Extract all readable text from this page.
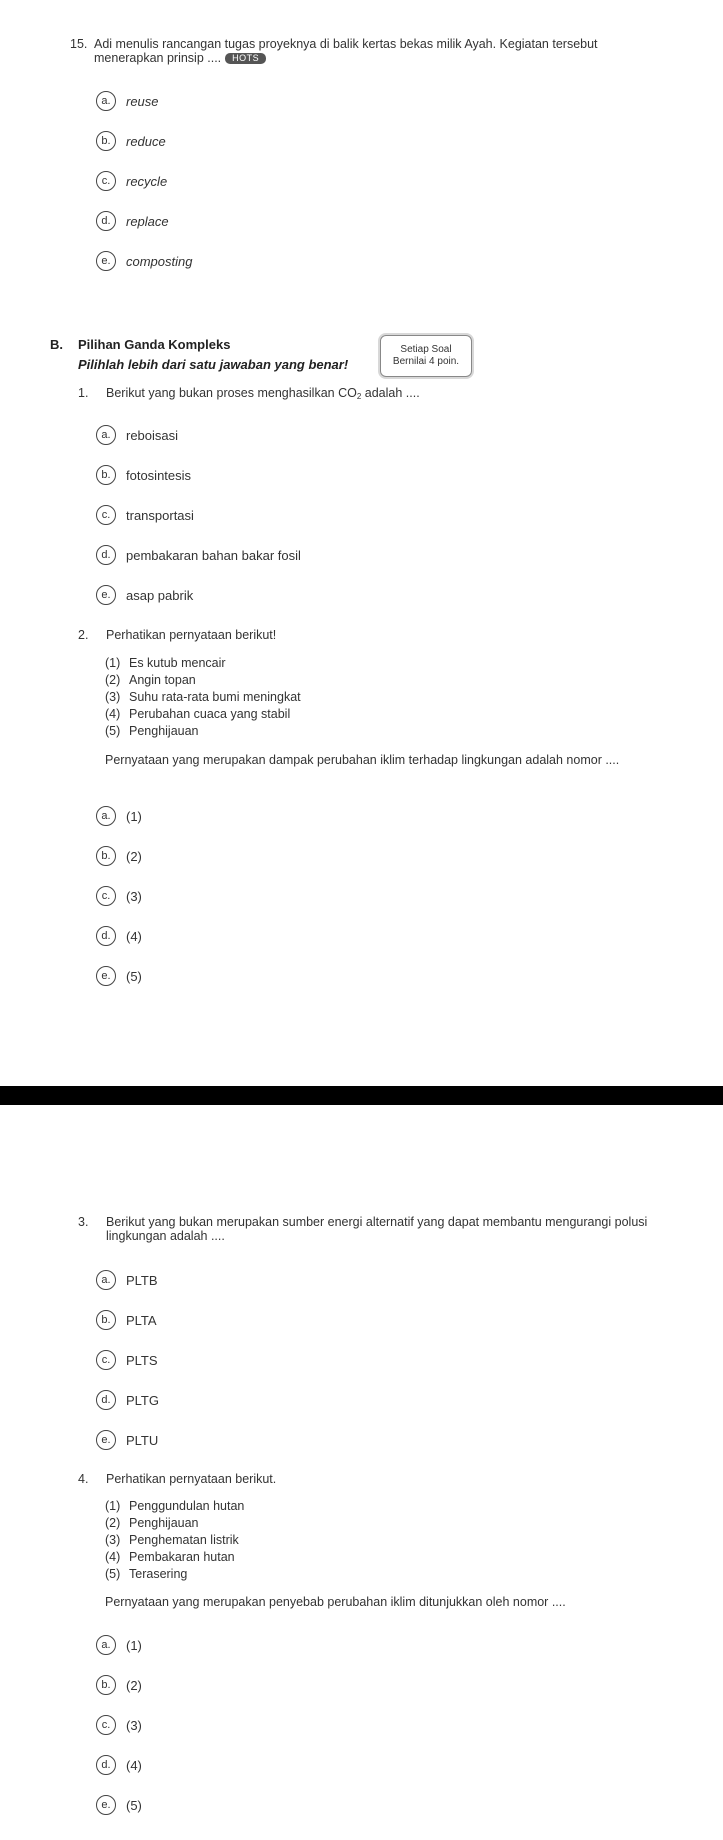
15. Adi menulis rancangan tugas proyeknya di balik kertas bekas milik Ayah. Kegiatan tersebut menerapkan prinsip .... HOTS
a.	reuse
b.	reduce
c.	recycle
d.	replace
e.	composting
B. Pilihan Ganda Kompleks
Pilihlah lebih dari satu jawaban yang benar!
Setiap Soal
Bernilai 4 poin.
1.	Berikut yang bukan proses menghasilkan $CO_2$ adalah ....
a.	reboisasi
b.	fotosintesis
c.	transportasi
d.	pembakaran bahan bakar fosil
e.	asap pabrik
2.	Perhatikan pernyataan berikut!
(1) Es kutub mencair
(2) Angin topan
(3) Suhu rata-rata bumi meningkat
(4) Perubahan cuaca yang stabil
(5) Penghijauan
Pernyataan yang merupakan dampak perubahan iklim terhadap lingkungan adalah nomor ....
a.	(1)
b.	(2)
c.	(3)
d.	(4)
e.	(5)
3.	Berikut yang bukan merupakan sumber energi alternatif yang dapat membantu mengurangi polusi lingkungan adalah ....
a.	PLTB
b.	PLTA
c.	PLTS
d.	PLTG
e.	PLTU
4.	Perhatikan pernyataan berikut.
(1) Penggundulan hutan
(2) Penghijauan
(3) Penghematan listrik
(4) Pembakaran hutan
(5) Terasering
Pernyataan yang merupakan penyebab perubahan iklim ditunjukkan oleh nomor ....
a.	(1)
b.	(2)
c.	(3)
d.	(4)
e.	(5)
